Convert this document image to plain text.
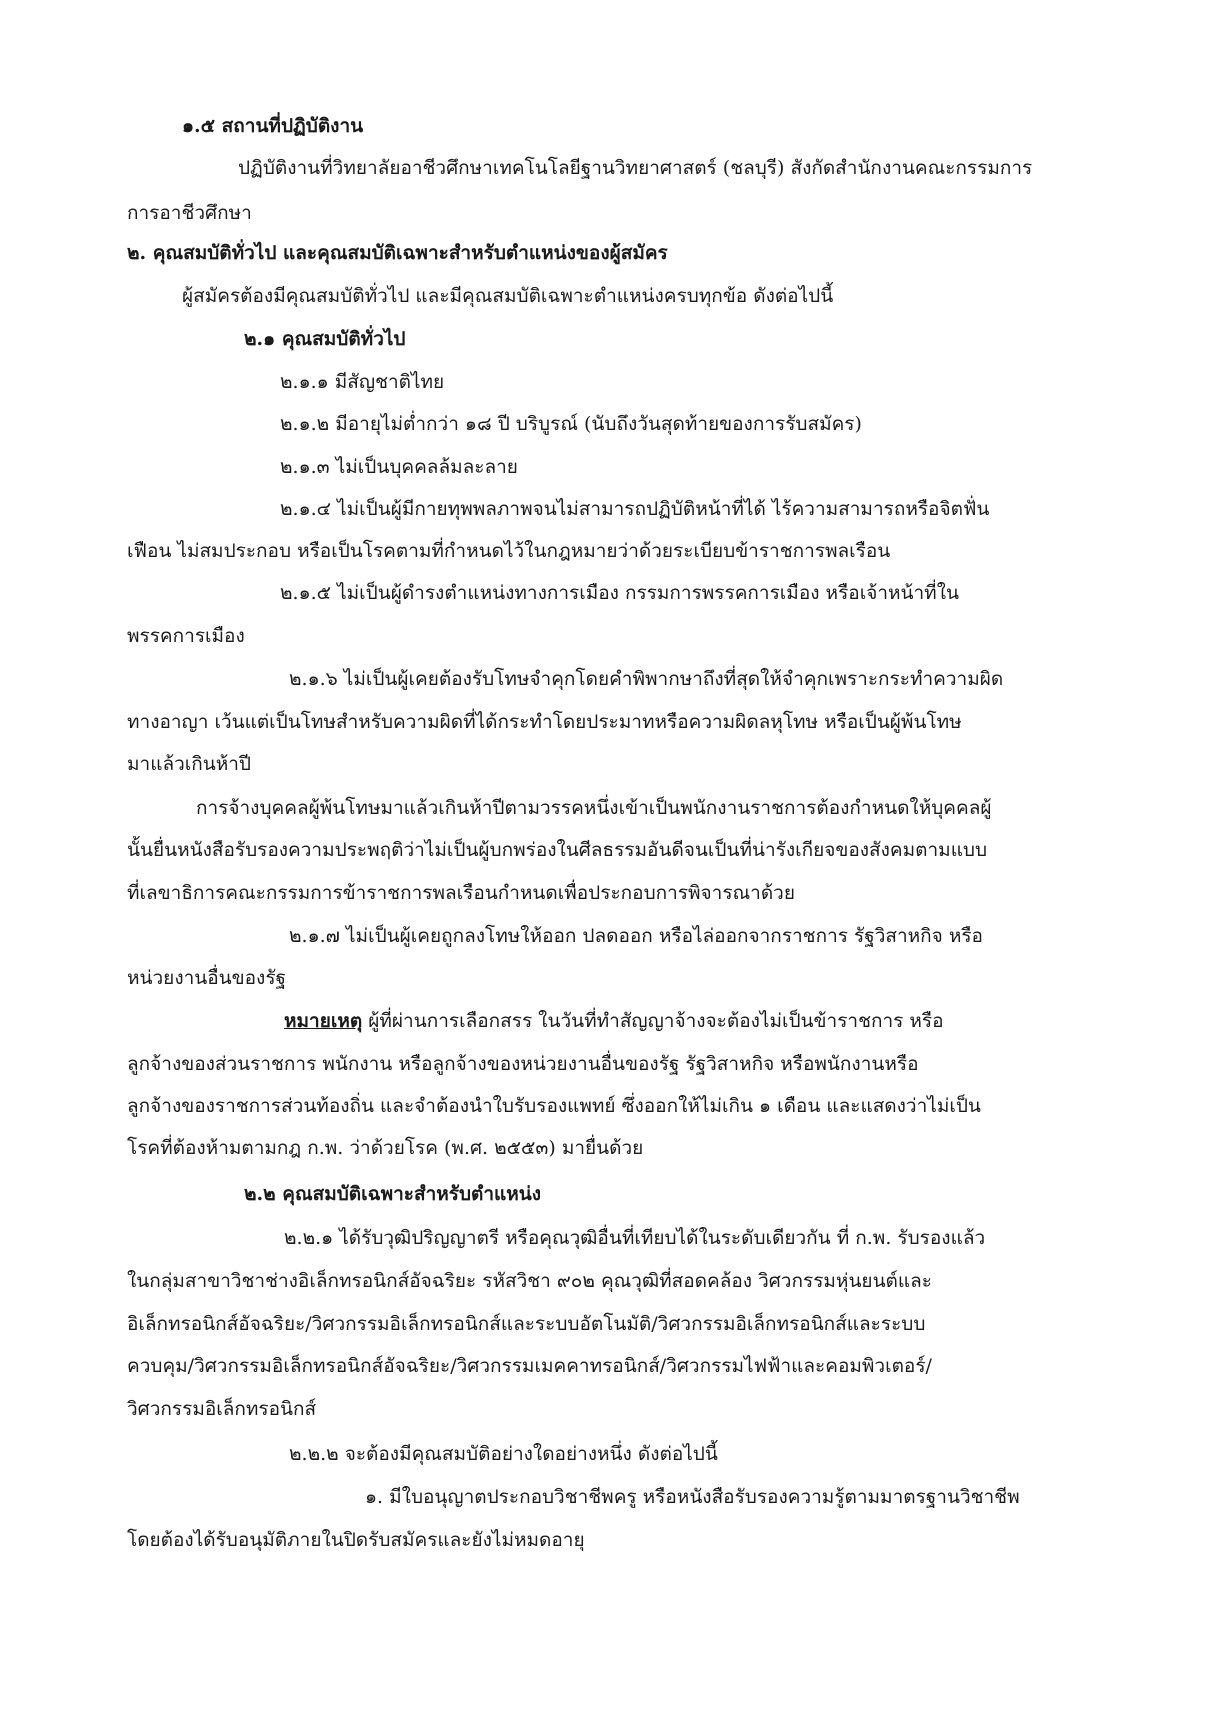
๑.๕ สถานที่ปฏิบัติงาน
ปฏิบัติงานที่วิทยาลัยอาชีวศึกษาเทคโนโลยีฐานวิทยาศาสตร์ (ชลบุรี) สังกัดสำนักงานคณะกรรมการ
การอาชีวศึกษา
๒. คุณสมบัติทั่วไป และคุณสมบัติเฉพาะสำหรับตำแหน่งของผู้สมัคร
ผู้สมัครต้องมีคุณสมบัติทั่วไป และมีคุณสมบัติเฉพาะตำแหน่งครบทุกข้อ ดังต่อไปนี้
๒.๑ คุณสมบัติทั่วไป
๒.๑.๑ มีสัญชาติไทย
๒.๑.๒ มีอายุไม่ต่ำกว่า ๑๘ ปี บริบูรณ์ (นับถึงวันสุดท้ายของการรับสมัคร)
๒.๑.๓ ไม่เป็นบุคคลล้มละลาย
๒.๑.๔ ไม่เป็นผู้มีกายทุพพลภาพจนไม่สามารถปฏิบัติหน้าที่ได้ ไร้ความสามารถหรือจิตฟั่น
เฟือน ไม่สมประกอบ หรือเป็นโรคตามที่กำหนดไว้ในกฎหมายว่าด้วยระเบียบข้าราชการพลเรือน
๒.๑.๕ ไม่เป็นผู้ดำรงตำแหน่งทางการเมือง กรรมการพรรคการเมือง หรือเจ้าหน้าที่ใน
พรรคการเมือง
๒.๑.๖ ไม่เป็นผู้เคยต้องรับโทษจำคุกโดยคำพิพากษาถึงที่สุดให้จำคุกเพราะกระทำความผิด
ทางอาญา เว้นแต่เป็นโทษสำหรับความผิดที่ได้กระทำโดยประมาทหรือความผิดลหุโทษ หรือเป็นผู้พ้นโทษ
มาแล้วเกินห้าปี
การจ้างบุคคลผู้พ้นโทษมาแล้วเกินห้าปีตามวรรคหนึ่งเข้าเป็นพนักงานราชการต้องกำหนดให้บุคคลผู้
นั้นยื่นหนังสือรับรองความประพฤติว่าไม่เป็นผู้บกพร่องในศีลธรรมอันดีจนเป็นที่น่ารังเกียจของสังคมตามแบบ
ที่เลขาธิการคณะกรรมการข้าราชการพลเรือนกำหนดเพื่อประกอบการพิจารณาด้วย
๒.๑.๗ ไม่เป็นผู้เคยถูกลงโทษให้ออก ปลดออก หรือไล่ออกจากราชการ รัฐวิสาหกิจ หรือ
หน่วยงานอื่นของรัฐ
หมายเหตุ ผู้ที่ผ่านการเลือกสรร ในวันที่ทำสัญญาจ้างจะต้องไม่เป็นข้าราชการ หรือ
ลูกจ้างของส่วนราชการ พนักงาน หรือลูกจ้างของหน่วยงานอื่นของรัฐ รัฐวิสาหกิจ หรือพนักงานหรือ
ลูกจ้างของราชการส่วนท้องถิ่น และจำต้องนำใบรับรองแพทย์ ซึ่งออกให้ไม่เกิน ๑ เดือน และแสดงว่าไม่เป็น
โรคที่ต้องห้ามตามกฎ ก.พ. ว่าด้วยโรค (พ.ศ. ๒๕๕๓) มายื่นด้วย
๒.๒ คุณสมบัติเฉพาะสำหรับตำแหน่ง
๒.๒.๑ ได้รับวุฒิปริญญาตรี หรือคุณวุฒิอื่นที่เทียบได้ในระดับเดียวกัน ที่ ก.พ. รับรองแล้ว
ในกลุ่มสาขาวิชาช่างอิเล็กทรอนิกส์อัจฉริยะ รหัสวิชา ๙๐๒ คุณวุฒิที่สอดคล้อง วิศวกรรมหุ่นยนต์และ
อิเล็กทรอนิกส์อัจฉริยะ/วิศวกรรมอิเล็กทรอนิกส์และระบบอัตโนมัติ/วิศวกรรมอิเล็กทรอนิกส์และระบบ
ควบคุม/วิศวกรรมอิเล็กทรอนิกส์อัจฉริยะ/วิศวกรรมเมคคาทรอนิกส์/วิศวกรรมไฟฟ้าและคอมพิวเตอร์/
วิศวกรรมอิเล็กทรอนิกส์
๒.๒.๒ จะต้องมีคุณสมบัติอย่างใดอย่างหนึ่ง ดังต่อไปนี้
๑. มีใบอนุญาตประกอบวิชาชีพครู หรือหนังสือรับรองความรู้ตามมาตรฐานวิชาชีพ
โดยต้องได้รับอนุมัติภายในปิดรับสมัครและยังไม่หมดอายุ
